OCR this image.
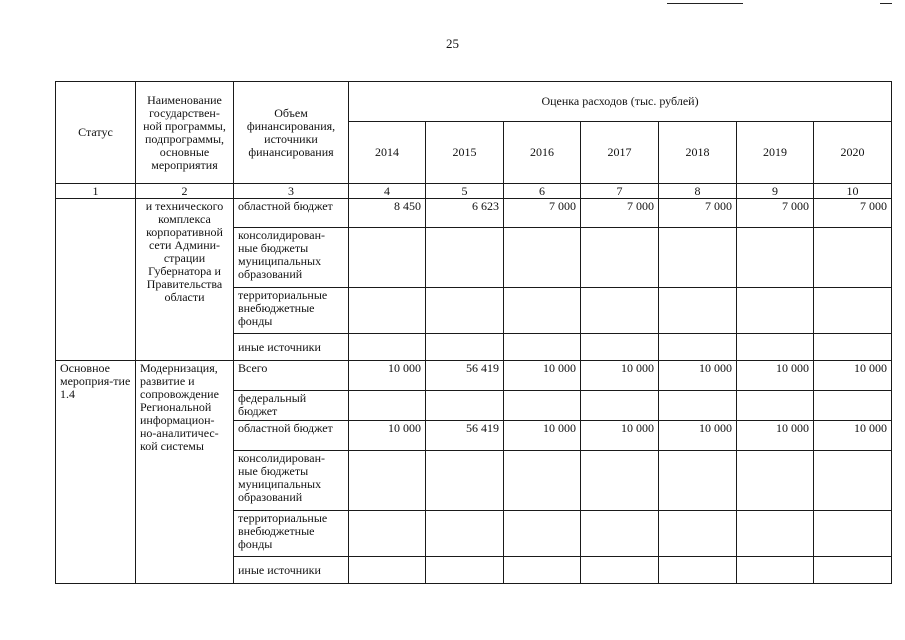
25
Статус	Наименование государствен-ной программы, подпрограммы, основные мероприятия	Объем финансирования, источники финансирования	Оценка расходов (тыс. рублей)						
			2014	2015	2016	2017	2018	2019	2020
1	2	3	4	5	6	7	8	9	10
	и технического комплекса корпоративной сети Админи-страции Губернатора и Правительства области	областной бюджет	8 450	6 623	7 000	7 000	7 000	7 000	7 000
		консолидирован-ные бюджеты муниципальных образований							
		территориальные внебюджетные фонды							
		иные источники							
Основное мероприя-тие 1.4	Модернизация, развитие и сопровождение Региональной информацион-но-аналитичес-кой системы	Всего	10 000	56 419	10 000	10 000	10 000	10 000	10 000
		федеральный бюджет							
		областной бюджет	10 000	56 419	10 000	10 000	10 000	10 000	10 000
		консолидирован-ные бюджеты муниципальных образований							
		территориальные внебюджетные фонды							
		иные источники							
